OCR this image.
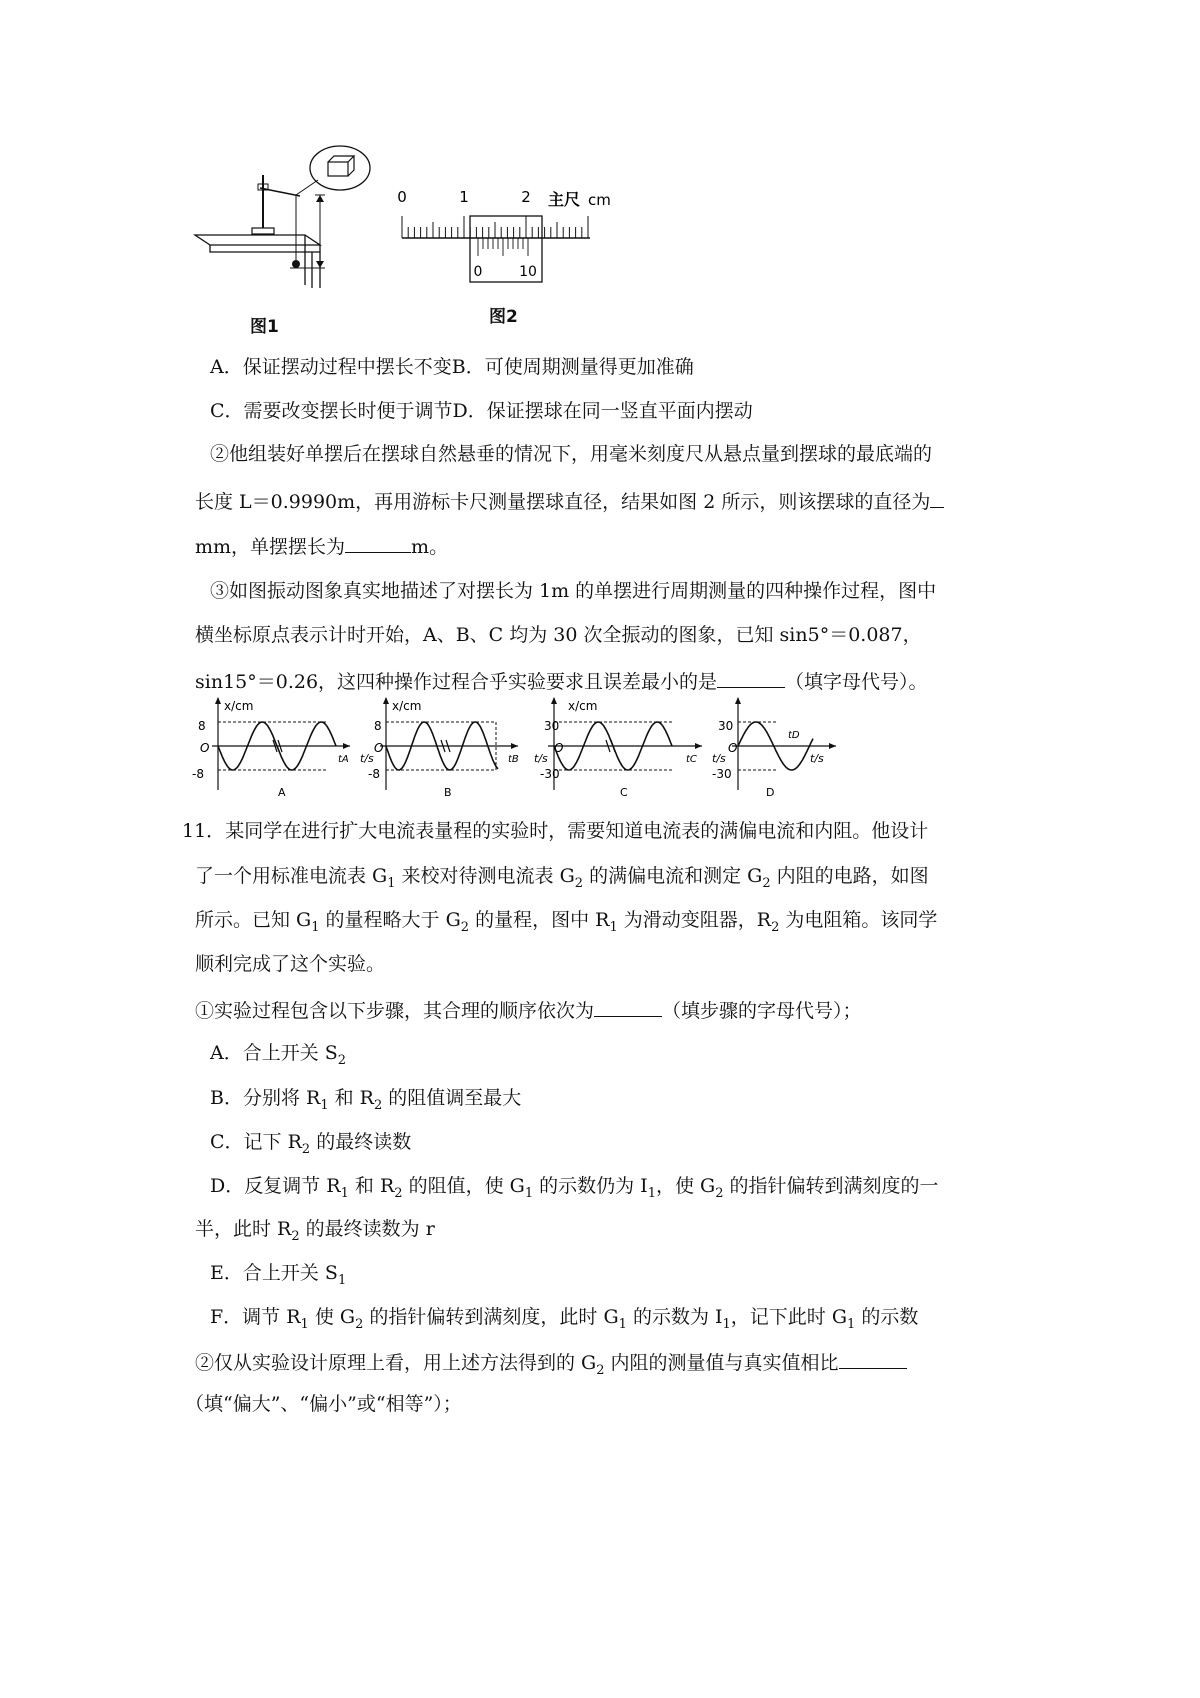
图1
0	1	2 主尺 cm
0	10
图2
A．保证摆动过程中摆长不变B．可使周期测量得更加准确
C．需要改变摆长时便于调节D．保证摆球在同一竖直平面内摆动
②他组装好单摆后在摆球自然悬垂的情况下，用毫米刻度尺从悬点量到摆球的最底端的
长度 L＝0.9990m，再用游标卡尺测量摆球直径，结果如图 2 所示，则该摆球的直径为
mm，单摆摆长为	m。
③如图振动图象真实地描述了对摆长为 1m 的单摆进行周期测量的四种操作过程，图中
横坐标原点表示计时开始，A、B、C 均为 30 次全振动的图象，已知 sin5°＝0.087，
sin15°＝0.26，这四种操作过程合乎实验要求且误差最小的是	（填字母代号）。
x/cm
8
O
-8
tA
A
x/cm
8
O
t/s
-8
tB
B
x/cm
30
O
t/s
-30
tC
C
30
O
t/s
-30
tD
t/s
D
11．某同学在进行扩大电流表量程的实验时，需要知道电流表的满偏电流和内阻。他设计
了一个用标准电流表 $G_1$ 来校对待测电流表 $G_2$ 的满偏电流和测定 $G_2$ 内阻的电路，如图
所示。已知 $G_1$ 的量程略大于 $G_2$ 的量程，图中 $R_1$ 为滑动变阻器，$R_2$ 为电阻箱。该同学
顺利完成了这个实验。
①实验过程包含以下步骤，其合理的顺序依次为	（填步骤的字母代号）；
A．合上开关 $S_2$
B．分别将 $R_1$ 和 $R_2$ 的阻值调至最大
C．记下 $R_2$ 的最终读数
D．反复调节 $R_1$ 和 $R_2$ 的阻值，使 $G_1$ 的示数仍为 $I_1$，使 $G_2$ 的指针偏转到满刻度的一
半，此时 $R_2$ 的最终读数为 r
E．合上开关 $S_1$
F．调节 $R_1$ 使 $G_2$ 的指针偏转到满刻度，此时 $G_1$ 的示数为 $I_1$，记下此时 $G_1$ 的示数
②仅从实验设计原理上看，用上述方法得到的 $G_2$ 内阻的测量值与真实值相比
（填“偏大”、“偏小”或“相等”）；
